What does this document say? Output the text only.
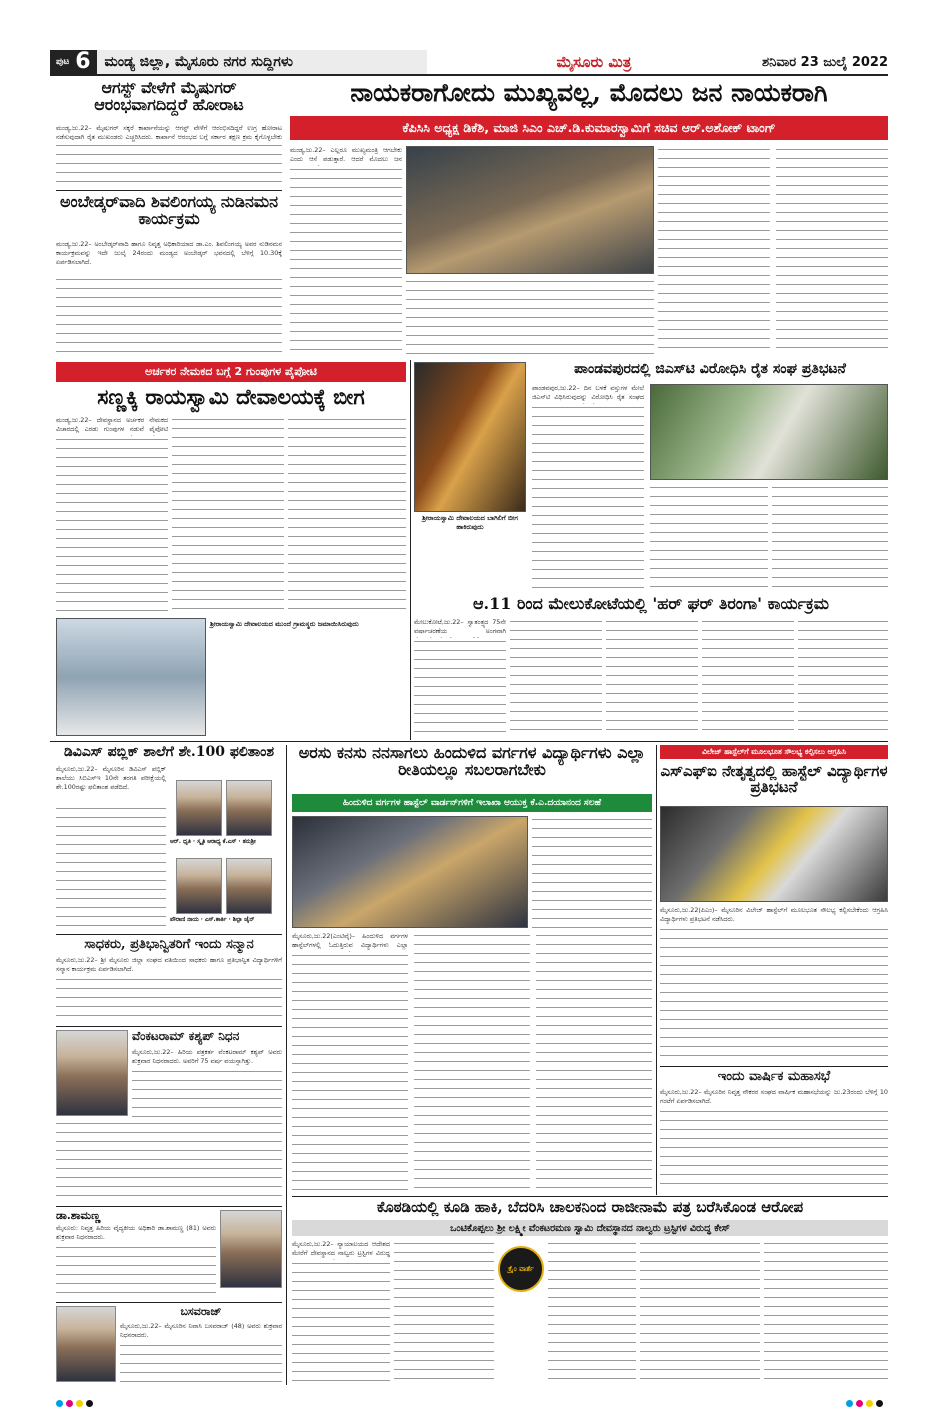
ಪುಟ 6	ಮಂಡ್ಯ ಜಿಲ್ಲಾ, ಮೈಸೂರು ನಗರ ಸುದ್ದಿಗಳು	ಮೈಸೂರು ಮಿತ್ರ	ಶನಿವಾರ 23 ಜುಲೈ 2022
ಆಗಸ್ಟ್ ವೇಳೆಗೆ ಮೈಷುಗರ್ ಆರಂಭವಾಗದಿದ್ದರೆ ಹೋರಾಟ
ಮಂಡ್ಯ,ಜು.22– ಮೈಷುಗರ್ ಸಕ್ಕರೆ ಕಾರ್ಖಾನೆಯನ್ನು ಆಗಸ್ಟ್ ವೇಳೆಗೆ ಆರಂಭಿಸದಿದ್ದರೆ ಉಗ್ರ ಹೋರಾಟ ನಡೆಸುವುದಾಗಿ ರೈತ ಮುಖಂಡರು ಎಚ್ಚರಿಸಿದರು. ಕಾರ್ಖಾನೆ ಆರಂಭದ ಬಗ್ಗೆ ಸರ್ಕಾರ ತಕ್ಷಣ ಕ್ರಮ ಕೈಗೊಳ್ಳಬೇಕು
ಅಂಬೇಡ್ಕರ್‌ವಾದಿ ಶಿವಲಿಂಗಯ್ಯ ನುಡಿನಮನ ಕಾರ್ಯಕ್ರಮ
ಮಂಡ್ಯ,ಜು.22– ಅಂಬೇಡ್ಕರ್‌ವಾದಿ ಹಾಗೂ ನಿವೃತ್ತ ಅಧಿಕಾರಿಯಾದ ಡಾ.ಎಂ. ಶಿವಲಿಂಗಯ್ಯ ಅವರ ನುಡಿನಮನ ಕಾರ್ಯಕ್ರಮವನ್ನು ಇದೇ ಜುಲೈ 24ರಂದು ಮಂಡ್ಯದ ಅಂಬೇಡ್ಕರ್ ಭವನದಲ್ಲಿ ಬೆಳಿಗ್ಗೆ 10.30ಕ್ಕೆ ಏರ್ಪಡಿಸಲಾಗಿದೆ.
ನಾಯಕರಾಗೋದು ಮುಖ್ಯವಲ್ಲ, ಮೊದಲು ಜನ ನಾಯಕರಾಗಿ
ಕೆಪಿಸಿಸಿ ಅಧ್ಯಕ್ಷ ಡಿಕೆಶಿ, ಮಾಜಿ ಸಿಎಂ ಎಚ್.ಡಿ.ಕುಮಾರಸ್ವಾಮಿಗೆ ಸಚಿವ ಆರ್.ಅಶೋಕ್ ಟಾಂಗ್
ಮಂಡ್ಯ,ಜು.22– ಎಲ್ಲರೂ ಮುಖ್ಯಮಂತ್ರಿ ಆಗಬೇಕು ಎಂದು ಆಸೆ ಪಡುತ್ತಾರೆ. ಆದರೆ ಮೊದಲು ಜನ
ಅರ್ಚಕರ ನೇಮಕದ ಬಗ್ಗೆ 2 ಗುಂಪುಗಳ ಪೈಪೋಟಿ
ಸಣ್ಣಕ್ಕಿ ರಾಯಸ್ವಾಮಿ ದೇವಾಲಯಕ್ಕೆ ಬೀಗ
ಮಂಡ್ಯ,ಜು.22– ದೇವಸ್ಥಾನದ ಅರ್ಚಕರ ನೇಮಕದ ವಿಚಾರದಲ್ಲಿ ಎರಡು ಗುಂಪುಗಳ ನಡುವೆ ಪೈಪೋಟಿ
ಶ್ರೀರಾಯಸ್ವಾಮಿ ದೇವಾಲಯದ ಬಾಗಿಲಿಗೆ ಬೀಗ ಹಾಕಿರುವುದು
ಶ್ರೀರಾಯಸ್ವಾಮಿ ದೇವಾಲಯದ ಮುಂದೆ ಗ್ರಾಮಸ್ಥರು ಜಮಾಯಿಸಿರುವುದು
ಪಾಂಡವಪುರದಲ್ಲಿ ಜಿಎಸ್‌ಟಿ ವಿರೋಧಿಸಿ ರೈತ ಸಂಘ ಪ್ರತಿಭಟನೆ
ಪಾಂಡವಪುರ,ಜು.22– ದಿನ ಬಳಕೆ ವಸ್ತುಗಳ ಮೇಲೆ ಜಿಎಸ್‌ಟಿ ವಿಧಿಸಿರುವುದನ್ನು ವಿರೋಧಿಸಿ ರೈತ ಸಂಘದ
ಆ.11 ರಿಂದ ಮೇಲುಕೋಟೆಯಲ್ಲಿ 'ಹರ್ ಘರ್ ತಿರಂಗಾ' ಕಾರ್ಯಕ್ರಮ
ಮೇಲುಕೋಟೆ,ಜು.22– ಸ್ವಾತಂತ್ರ್ಯದ 75ನೇ ವರ್ಷಾಚರಣೆಯ ಅಂಗವಾಗಿ
ಡಿವಿಎಸ್ ಪಬ್ಲಿಕ್ ಶಾಲೆಗೆ ಶೇ.100 ಫಲಿತಾಂಶ
ಮೈಸೂರು,ಜು.22– ಮೈಸೂರಿನ ಡಿವಿಎಸ್ ಪಬ್ಲಿಕ್ ಶಾಲೆಯು ಸಿಬಿಎಸ್‌ಇ 10ನೇ ತರಗತಿ ಪರೀಕ್ಷೆಯಲ್ಲಿ ಶೇ.100ರಷ್ಟು ಫಲಿತಾಂಶ ಪಡೆದಿದೆ.
ಆರ್. ಧೃತಿ · ಸ್ಮೃತಿ ಆರಾಧ್ಯ ಕೆ.ಎಸ್ · ತನುಶ್ರೀ
ಪೌರಾಣಿ ನಾಯ · ಎಸ್.ಕಾರ್ತಿ · ಶಿಲ್ಪಾ ಜೈನ್
ಸಾಧಕರು, ಪ್ರತಿಭಾನ್ವಿತರಿಗೆ ಇಂದು ಸನ್ಮಾನ
ಮೈಸೂರು,ಜು.22– ಶ್ರೀ ಮೈಸೂರು ಜಿಲ್ಲಾ ಸಂಘದ ವತಿಯಿಂದ ಸಾಧಕರು ಹಾಗೂ ಪ್ರತಿಭಾನ್ವಿತ ವಿದ್ಯಾರ್ಥಿಗಳಿಗೆ ಸನ್ಮಾನ ಕಾರ್ಯಕ್ರಮ ಏರ್ಪಡಿಸಲಾಗಿದೆ.
ವೆಂಕಟರಾಮ್ ಕಶ್ಯಪ್ ನಿಧನ
ಮೈಸೂರು,ಜು.22– ಹಿರಿಯ ಪತ್ರಕರ್ತ ವೆಂಕಟರಾಮ್ ಕಶ್ಯಪ್ ಅವರು ಶುಕ್ರವಾರ ನಿಧನರಾದರು. ಅವರಿಗೆ 75 ವರ್ಷ ವಯಸ್ಸಾಗಿತ್ತು.
ಡಾ.ಶಾಮಣ್ಣ
ಮೈಸೂರು: ನಿವೃತ್ತ ಹಿರಿಯ ವೈದ್ಯಕೀಯ ಅಧಿಕಾರಿ ಡಾ.ಶಾಮಣ್ಣ (81) ಅವರು ಶುಕ್ರವಾರ ನಿಧನರಾದರು.
ಬಸವರಾಜ್
ಮೈಸೂರು,ಜು.22– ಮೈಸೂರಿನ ನಿವಾಸಿ ಬಸವರಾಜ್ (48) ಅವರು ಶುಕ್ರವಾರ ನಿಧನರಾದರು.
ಅರಸು ಕನಸು ನನಸಾಗಲು ಹಿಂದುಳಿದ ವರ್ಗಗಳ ವಿದ್ಯಾರ್ಥಿಗಳು ಎಲ್ಲಾ ರೀತಿಯಲ್ಲೂ ಸಬಲರಾಗಬೇಕು
ಹಿಂದುಳಿದ ವರ್ಗಗಳ ಹಾಸ್ಟೆಲ್ ವಾರ್ಡನ್‌ಗಳಿಗೆ ಇಲಾಖಾ ಆಯುಕ್ತ ಕೆ.ಎ.ದಯಾನಂದ ಸಲಹೆ
ಮೈಸೂರು,ಜು.22(ಎಂಟಿವೈ)– ಹಿಂದುಳಿದ ವರ್ಗಗಳ ಹಾಸ್ಟೆಲ್‌ಗಳಲ್ಲಿ ಓದುತ್ತಿರುವ ವಿದ್ಯಾರ್ಥಿಗಳು ಎಲ್ಲಾ
ವಿಲೇಜ್ ಹಾಸ್ಟೆಲ್‌ಗೆ ಮೂಲಭೂತ ಸೌಲಭ್ಯ ಕಲ್ಪಿಸಲು ಆಗ್ರಹಿಸಿ
ಎಸ್‌ಎಫ್‌ಐ ನೇತೃತ್ವದಲ್ಲಿ ಹಾಸ್ಟೆಲ್ ವಿದ್ಯಾರ್ಥಿಗಳ ಪ್ರತಿಭಟನೆ
ಮೈಸೂರು,ಜು.22(ಪಿಎಂ)– ಮೈಸೂರಿನ ವಿಲೇಜ್ ಹಾಸ್ಟೆಲ್‌ಗೆ ಮೂಲಭೂತ ಸೌಲಭ್ಯ ಕಲ್ಪಿಸಬೇಕೆಂದು ಆಗ್ರಹಿಸಿ ವಿದ್ಯಾರ್ಥಿಗಳು ಪ್ರತಿಭಟನೆ ನಡೆಸಿದರು.
ಇಂದು ವಾರ್ಷಿಕ ಮಹಾಸಭೆ
ಮೈಸೂರು,ಜು.22– ಮೈಸೂರಿನ ನಿವೃತ್ತ ನೌಕರರ ಸಂಘದ ವಾರ್ಷಿಕ ಮಹಾಸಭೆಯನ್ನು ಜು.23ರಂದು ಬೆಳಿಗ್ಗೆ 10 ಗಂಟೆಗೆ ಏರ್ಪಡಿಸಲಾಗಿದೆ.
ಕೊಠಡಿಯಲ್ಲಿ ಕೂಡಿ ಹಾಕಿ, ಬೆದರಿಸಿ ಚಾಲಕನಿಂದ ರಾಜೀನಾಮೆ ಪತ್ರ ಬರೆಸಿಕೊಂಡ ಆರೋಪ
ಒಂಟಿಕೊಪ್ಪಲು ಶ್ರೀ ಲಕ್ಷ್ಮೀ ವೆಂಕಟರಮಣ ಸ್ವಾಮಿ ದೇವಸ್ಥಾನದ ನಾಲ್ವರು ಟ್ರಸ್ಟಿಗಳ ವಿರುದ್ಧ ಕೇಸ್
ಮೈಸೂರು,ಜು.22– ನ್ಯಾಯಾಲಯದ ಆದೇಶದ ಮೇರೆಗೆ ದೇವಸ್ಥಾನದ ನಾಲ್ವರು ಟ್ರಸ್ಟಿಗಳ ವಿರುದ್ಧ
ಕ್ರೈಂ ವಾರ್ತೆ
